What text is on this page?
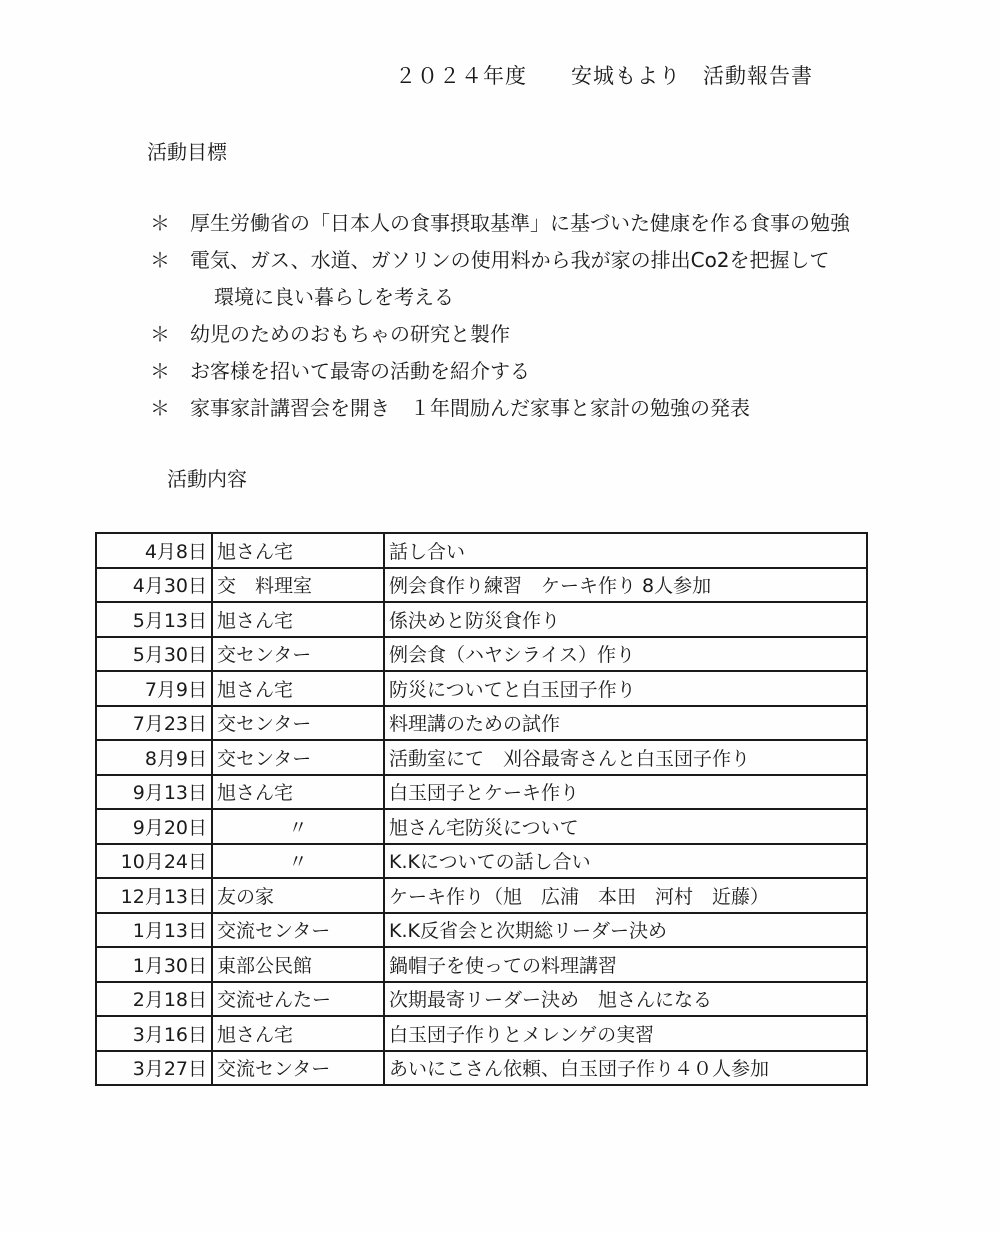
２０２４年度　　安城もより　活動報告書
活動目標
＊ 厚生労働省の「日本人の食事摂取基準」に基づいた健康を作る食事の勉強
＊ 電気、ガス、水道、ガソリンの使用料から我が家の排出Co2を把握して
環境に良い暮らしを考える
＊ 幼児のためのおもちゃの研究と製作
＊ お客様を招いて最寄の活動を紹介する
＊ 家事家計講習会を開き　１年間励んだ家事と家計の勉強の発表
活動内容
4月8日	旭さん宅	話し合い
4月30日	交　料理室	例会食作り練習　ケーキ作り 8人参加
5月13日	旭さん宅	係決めと防災食作り
5月30日	交センター	例会食（ハヤシライス）作り
7月9日	旭さん宅	防災についてと白玉団子作り
7月23日	交センター	料理講のための試作
8月9日	交センター	活動室にて　刈谷最寄さんと白玉団子作り
9月13日	旭さん宅	白玉団子とケーキ作り
9月20日	〃	旭さん宅防災について
10月24日	〃	K.Kについての話し合い
12月13日	友の家	ケーキ作り（旭　広浦　本田　河村　近藤）
1月13日	交流センター	K.K反省会と次期総リーダー決め
1月30日	東部公民館	鍋帽子を使っての料理講習
2月18日	交流せんたー	次期最寄リーダー決め　旭さんになる
3月16日	旭さん宅	白玉団子作りとメレンゲの実習
3月27日	交流センター	あいにこさん依頼、白玉団子作り４０人参加
